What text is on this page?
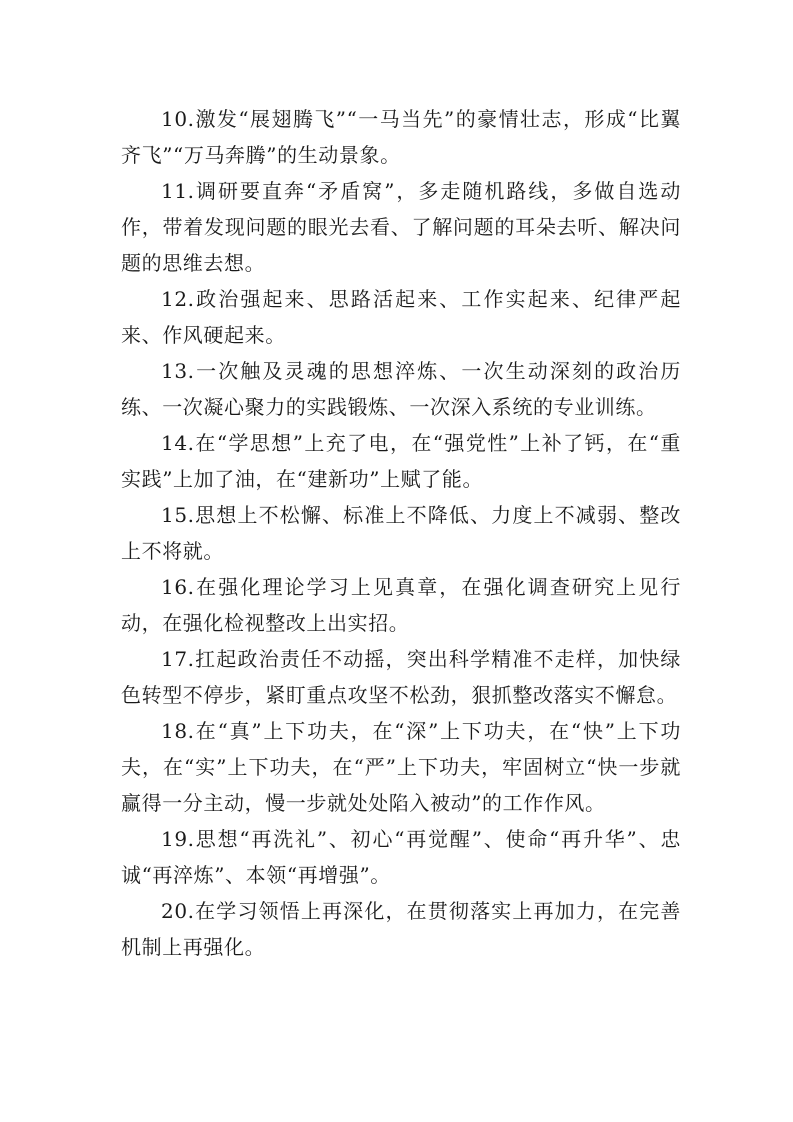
10.激发“展翅腾飞”“一马当先”的豪情壮志，形成“比翼齐飞”“万马奔腾”的生动景象。

11.调研要直奔“矛盾窝”，多走随机路线，多做自选动作，带着发现问题的眼光去看、了解问题的耳朵去听、解决问题的思维去想。

12.政治强起来、思路活起来、工作实起来、纪律严起来、作风硬起来。

13.一次触及灵魂的思想淬炼、一次生动深刻的政治历练、一次凝心聚力的实践锻炼、一次深入系统的专业训练。

14.在“学思想”上充了电，在“强党性”上补了钙，在“重实践”上加了油，在“建新功”上赋了能。

15.思想上不松懈、标准上不降低、力度上不减弱、整改上不将就。

16.在强化理论学习上见真章，在强化调查研究上见行动，在强化检视整改上出实招。

17.扛起政治责任不动摇，突出科学精准不走样，加快绿色转型不停步，紧盯重点攻坚不松劲，狠抓整改落实不懈怠。

18.在“真”上下功夫，在“深”上下功夫，在“快”上下功夫，在“实”上下功夫，在“严”上下功夫，牢固树立“快一步就赢得一分主动，慢一步就处处陷入被动”的工作作风。

19.思想“再洗礼”、初心“再觉醒”、使命“再升华”、忠诚“再淬炼”、本领“再增强”。

20.在学习领悟上再深化，在贯彻落实上再加力，在完善机制上再强化。
